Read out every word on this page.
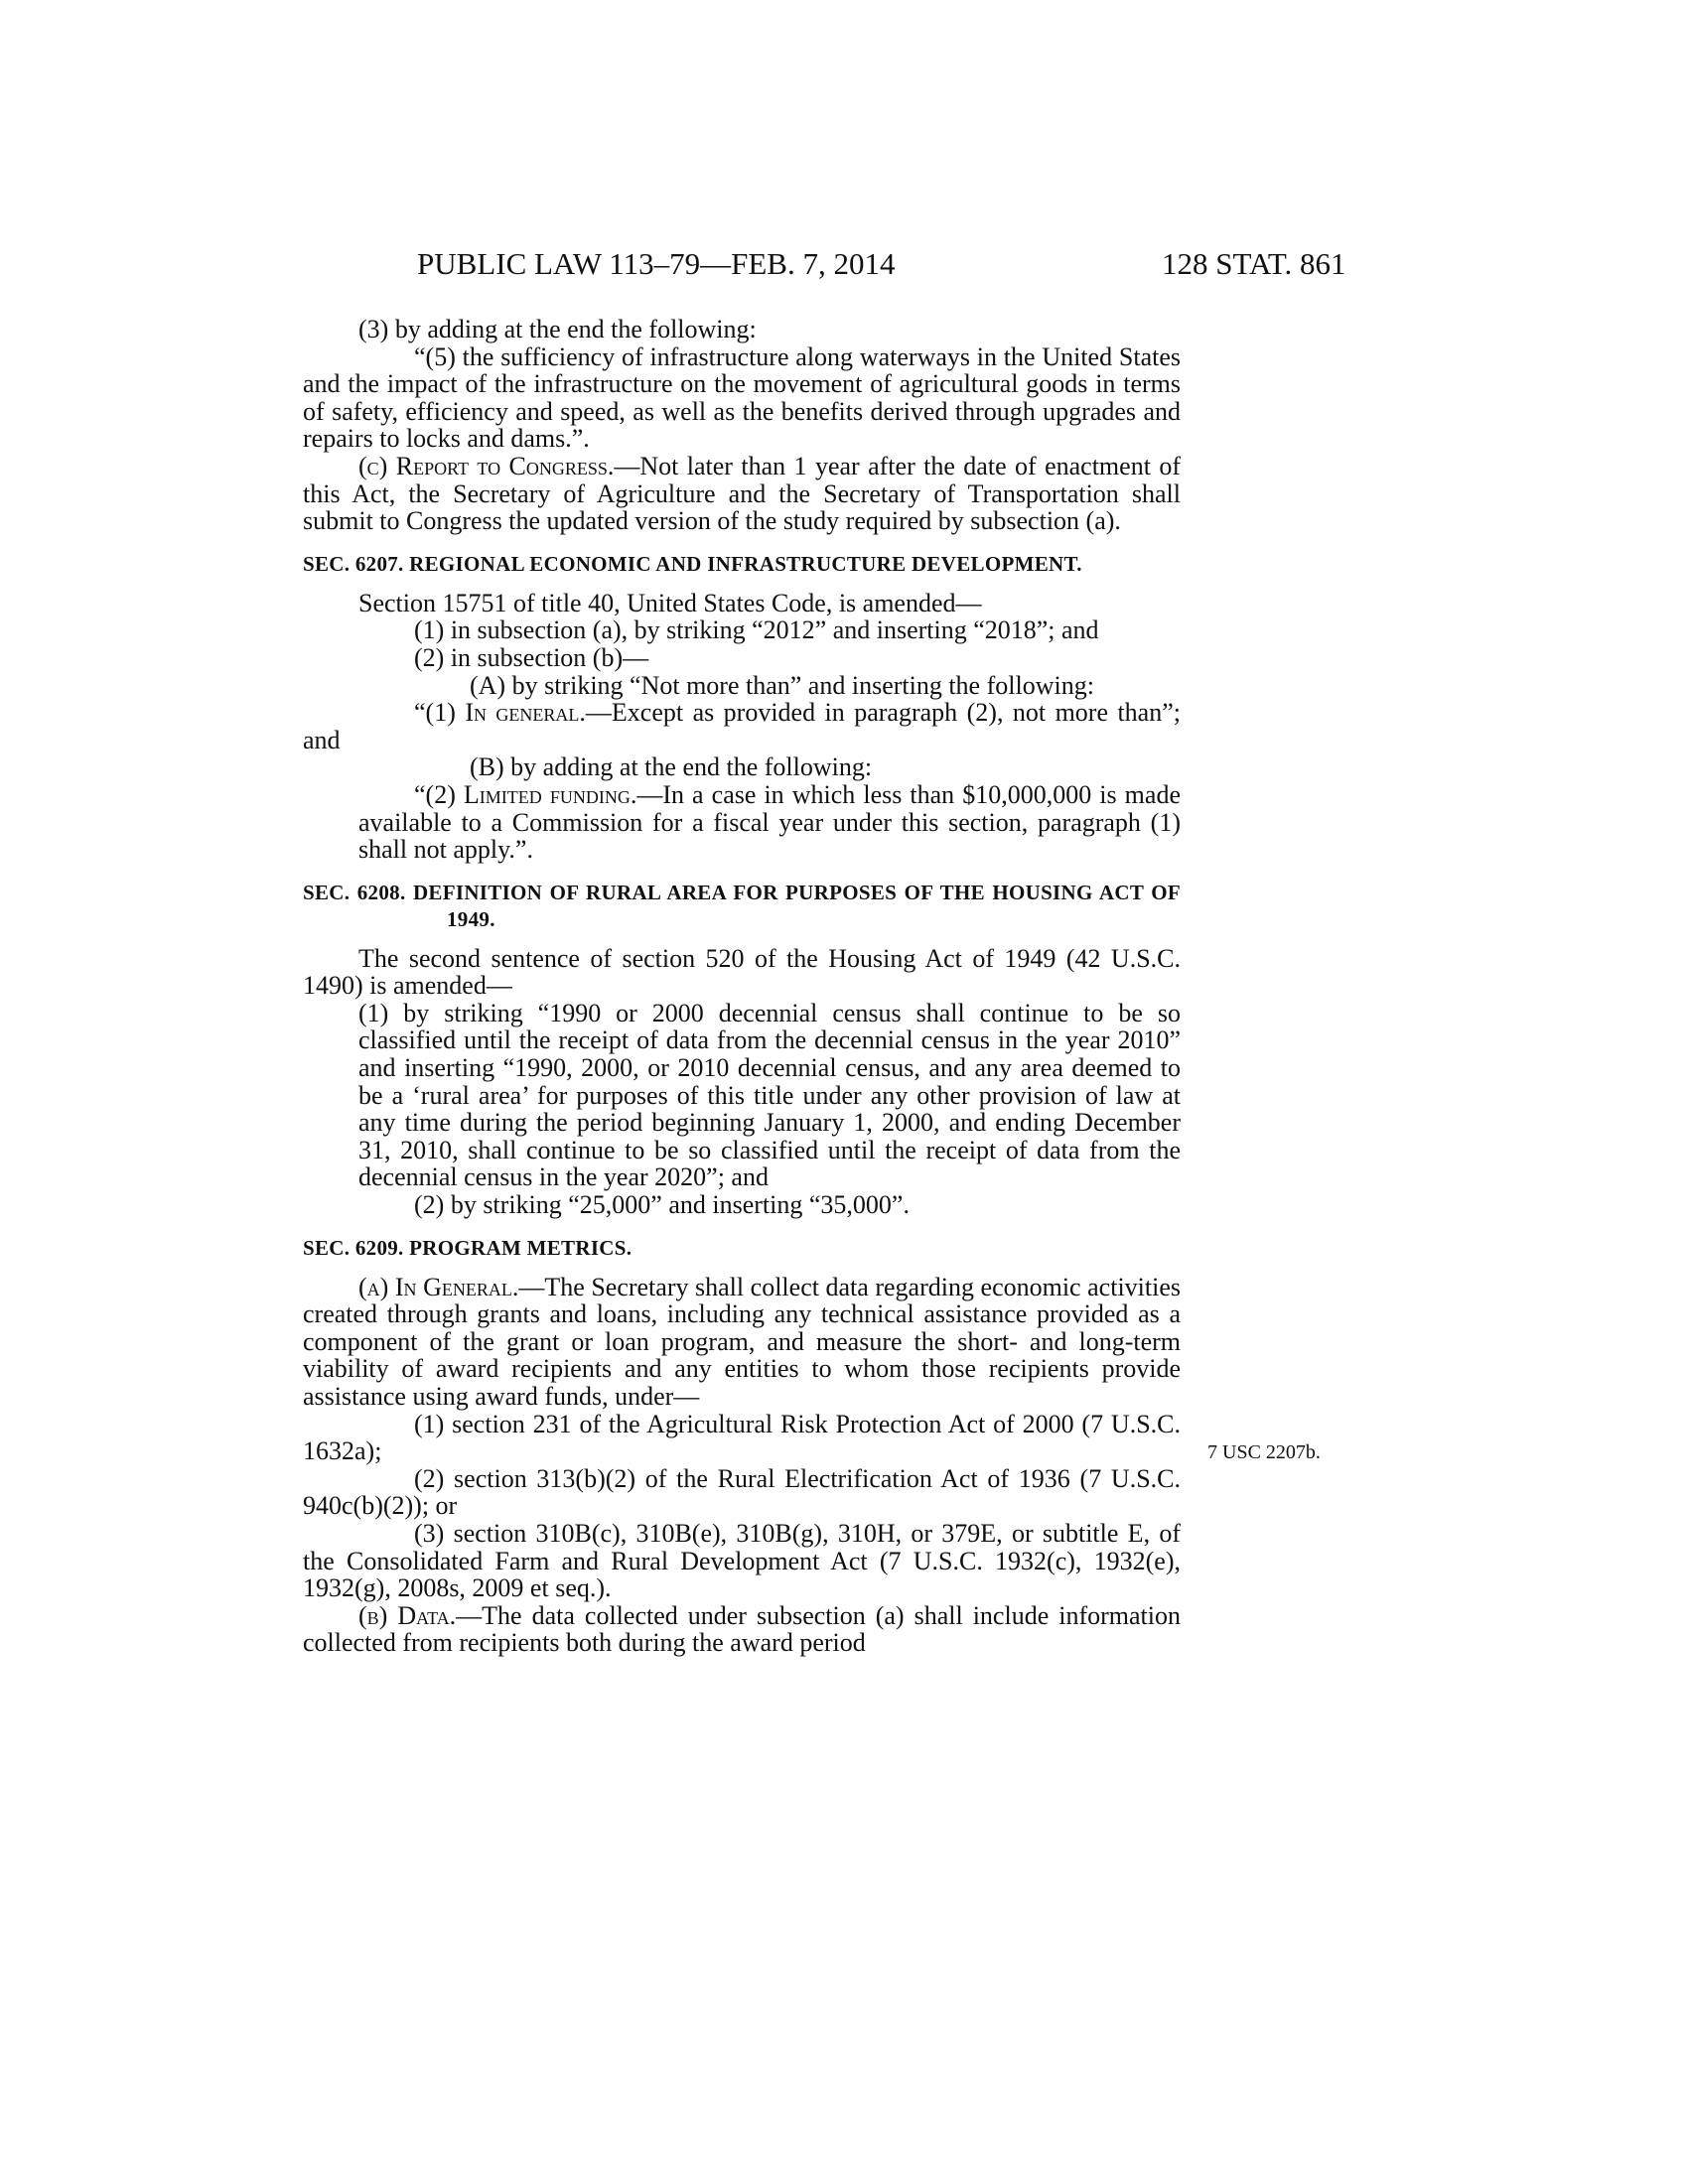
PUBLIC LAW 113–79—FEB. 7, 2014	128 STAT. 861
7 USC 2207b.

(3) by adding at the end the following:

“(5) the sufficiency of infrastructure along waterways in the United States and the impact of the infrastructure on the movement of agricultural goods in terms of safety, efficiency and speed, as well as the benefits derived through upgrades and repairs to locks and dams.”.

(c) Report to Congress.—Not later than 1 year after the date of enactment of this Act, the Secretary of Agriculture and the Secretary of Transportation shall submit to Congress the updated version of the study required by subsection (a).

SEC. 6207. REGIONAL ECONOMIC AND INFRASTRUCTURE DEVELOPMENT.

Section 15751 of title 40, United States Code, is amended—

(1) in subsection (a), by striking “2012” and inserting “2018”; and

(2) in subsection (b)—

(A) by striking “Not more than” and inserting the following:

“(1) In general.—Except as provided in paragraph (2), not more than”; and

(B) by adding at the end the following:

“(2) Limited funding.—In a case in which less than $10,000,000 is made available to a Commission for a fiscal year under this section, paragraph (1) shall not apply.”.

SEC. 6208. DEFINITION OF RURAL AREA FOR PURPOSES OF THE HOUSING ACT OF 1949.

The second sentence of section 520 of the Housing Act of 1949 (42 U.S.C. 1490) is amended—

(1) by striking “1990 or 2000 decennial census shall continue to be so classified until the receipt of data from the decennial census in the year 2010” and inserting “1990, 2000, or 2010 decennial census, and any area deemed to be a ‘rural area’ for purposes of this title under any other provision of law at any time during the period beginning January 1, 2000, and ending December 31, 2010, shall continue to be so classified until the receipt of data from the decennial census in the year 2020”; and

(2) by striking “25,000” and inserting “35,000”.

SEC. 6209. PROGRAM METRICS.

(a) In General.—The Secretary shall collect data regarding economic activities created through grants and loans, including any technical assistance provided as a component of the grant or loan program, and measure the short- and long-term viability of award recipients and any entities to whom those recipients provide assistance using award funds, under—

(1) section 231 of the Agricultural Risk Protection Act of 2000 (7 U.S.C. 1632a);

(2) section 313(b)(2) of the Rural Electrification Act of 1936 (7 U.S.C. 940c(b)(2)); or

(3) section 310B(c), 310B(e), 310B(g), 310H, or 379E, or subtitle E, of the Consolidated Farm and Rural Development Act (7 U.S.C. 1932(c), 1932(e), 1932(g), 2008s, 2009 et seq.).

(b) Data.—The data collected under subsection (a) shall include information collected from recipients both during the award period
